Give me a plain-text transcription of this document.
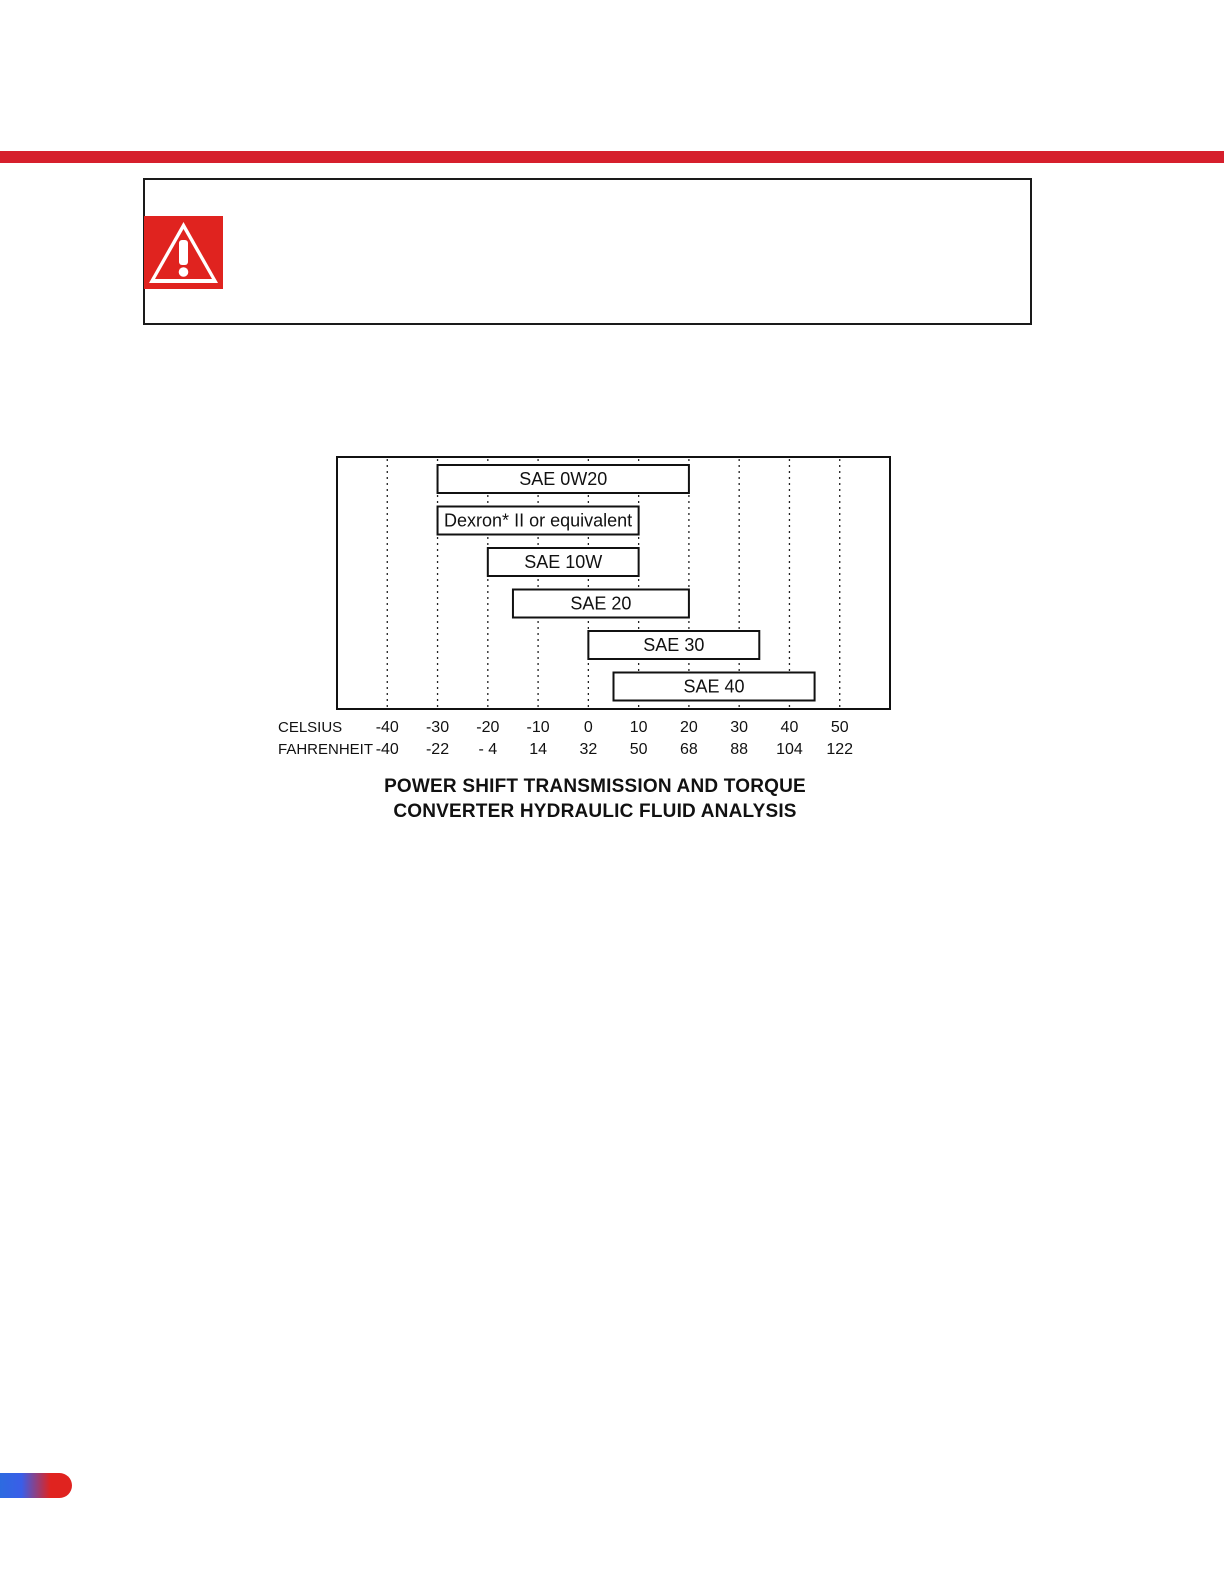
SAE 0W20
Dexron* II or equivalent
SAE 10W
SAE 20
SAE 30
SAE 40
CELSIUS -40 -30 -20 -10 0 10 20 30 40 50
FAHRENHEIT -40 -22 - 4 14 32 50 68 88 104 122
POWER SHIFT TRANSMISSION AND TORQUE
CONVERTER HYDRAULIC FLUID ANALYSIS
